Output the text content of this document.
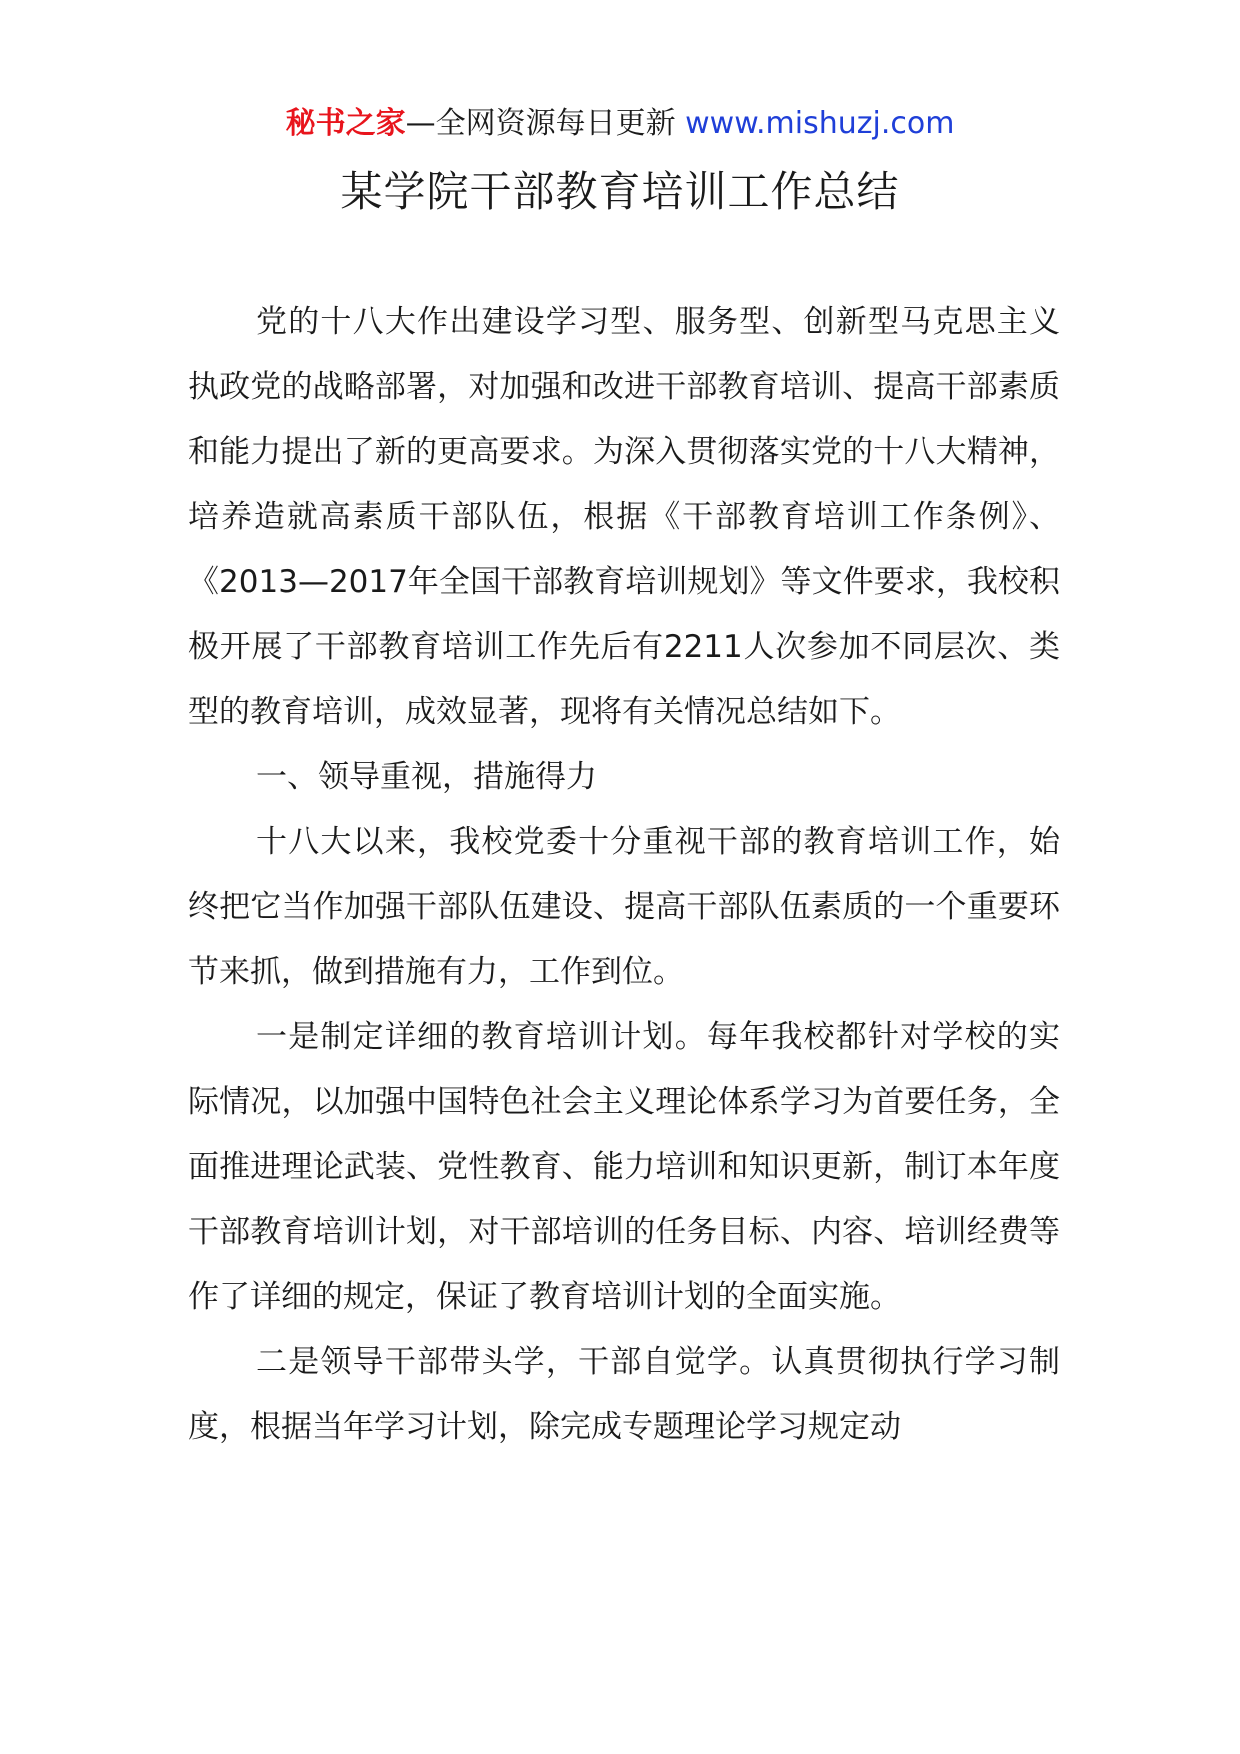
秘书之家—全网资源每日更新 www.mishuzj.com
某学院干部教育培训工作总结

党的十八大作出建设学习型、服务型、创新型马克思主义执政党的战略部署，对加强和改进干部教育培训、提高干部素质和能力提出了新的更高要求。为深入贯彻落实党的十八大精神，培养造就高素质干部队伍，根据《干部教育培训工作条例》、《2013—2017年全国干部教育培训规划》等文件要求，我校积极开展了干部教育培训工作先后有2211人次参加不同层次、类型的教育培训，成效显著，现将有关情况总结如下。

一、领导重视，措施得力

十八大以来，我校党委十分重视干部的教育培训工作，始终把它当作加强干部队伍建设、提高干部队伍素质的一个重要环节来抓，做到措施有力，工作到位。

一是制定详细的教育培训计划。每年我校都针对学校的实际情况，以加强中国特色社会主义理论体系学习为首要任务，全面推进理论武装、党性教育、能力培训和知识更新，制订本年度干部教育培训计划，对干部培训的任务目标、内容、培训经费等作了详细的规定，保证了教育培训计划的全面实施。

二是领导干部带头学，干部自觉学。认真贯彻执行学习制度，根据当年学习计划，除完成专题理论学习规定动
